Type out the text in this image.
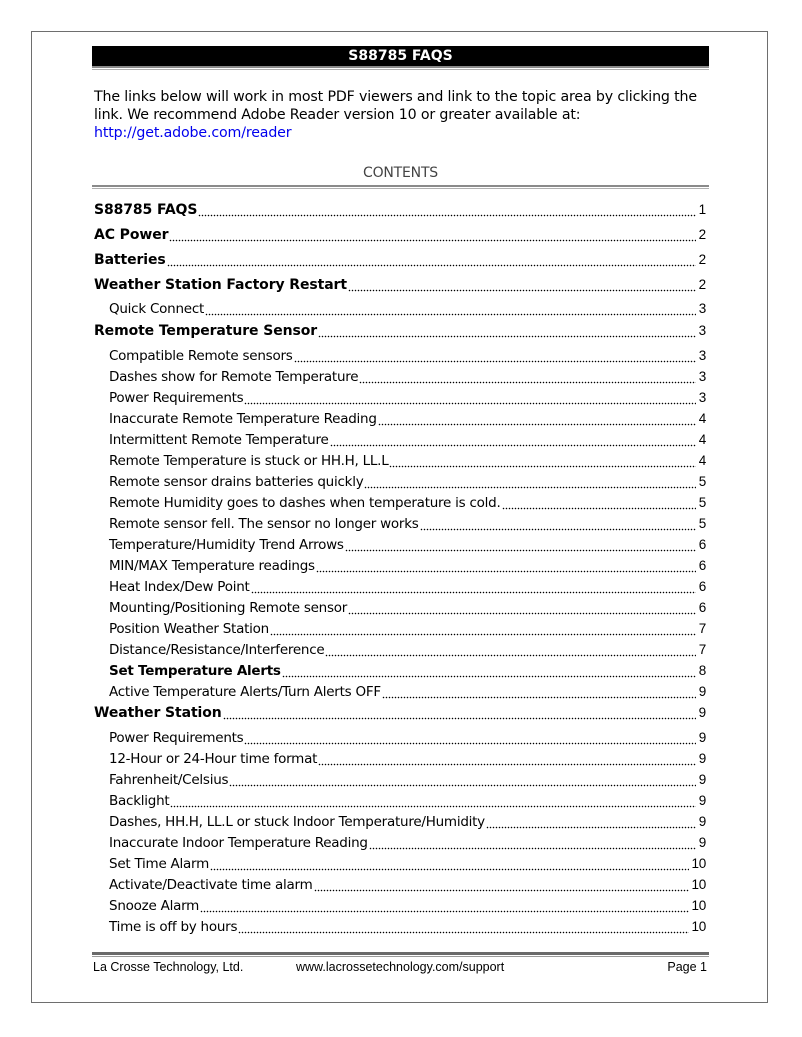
S88785 FAQS
The links below will work in most PDF viewers and link to the topic area by clicking the link. We recommend Adobe Reader version 10 or greater available at:
http://get.adobe.com/reader
CONTENTS
S88785 FAQS	1
AC Power	2
Batteries	2
Weather Station Factory Restart	2
Quick Connect	3
Remote Temperature Sensor	3
Compatible Remote sensors	3
Dashes show for Remote Temperature	3
Power Requirements	3
Inaccurate Remote Temperature Reading	4
Intermittent Remote Temperature	4
Remote Temperature is stuck or HH.H, LL.L	4
Remote sensor drains batteries quickly	5
Remote Humidity goes to dashes when temperature is cold.	5
Remote sensor fell. The sensor no longer works	5
Temperature/Humidity Trend Arrows	6
MIN/MAX Temperature readings	6
Heat Index/Dew Point	6
Mounting/Positioning Remote sensor	6
Position Weather Station	7
Distance/Resistance/Interference	7
Set Temperature Alerts	8
Active Temperature Alerts/Turn Alerts OFF	9
Weather Station	9
Power Requirements	9
12-Hour or 24-Hour time format	9
Fahrenheit/Celsius	9
Backlight	9
Dashes, HH.H, LL.L or stuck Indoor Temperature/Humidity	9
Inaccurate Indoor Temperature Reading	9
Set Time Alarm	10
Activate/Deactivate time alarm	10
Snooze Alarm	10
Time is off by hours	10
La Crosse Technology, Ltd.	www.lacrossetechnology.com/support	Page 1
